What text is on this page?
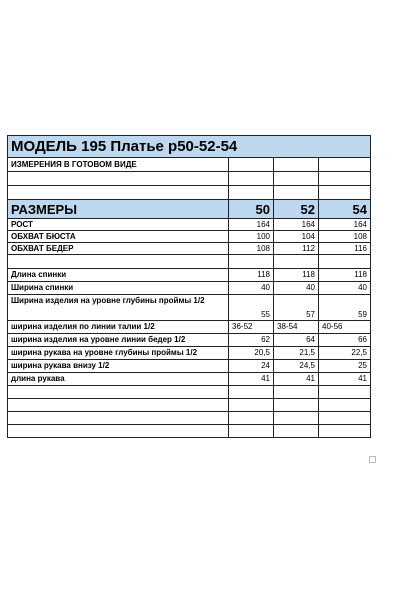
МОДЕЛЬ 195 Платье р50-52-54			
ИЗМЕРЕНИЯ В ГОТОВОМ ВИДЕ			

РАЗМЕРЫ	50	52	54
РОСТ	164	164	164
ОБХВАТ БЮСТА	100	104	108
ОБХВАТ БЕДЕР	108	112	116

Длина спинки	118	118	118
Ширина спинки	40	40	40
Ширина изделия на уровне глубины проймы 1/2	55	57	59
ширина изделия по линии талии 1/2	36-52	38-54	40-56
ширина изделия на уровне линии бедер 1/2	62	64	66
ширина рукава на уровне глубины проймы 1/2	20,5	21,5	22,5
ширина рукава внизу 1/2	24	24,5	25
длина рукава	41	41	41
